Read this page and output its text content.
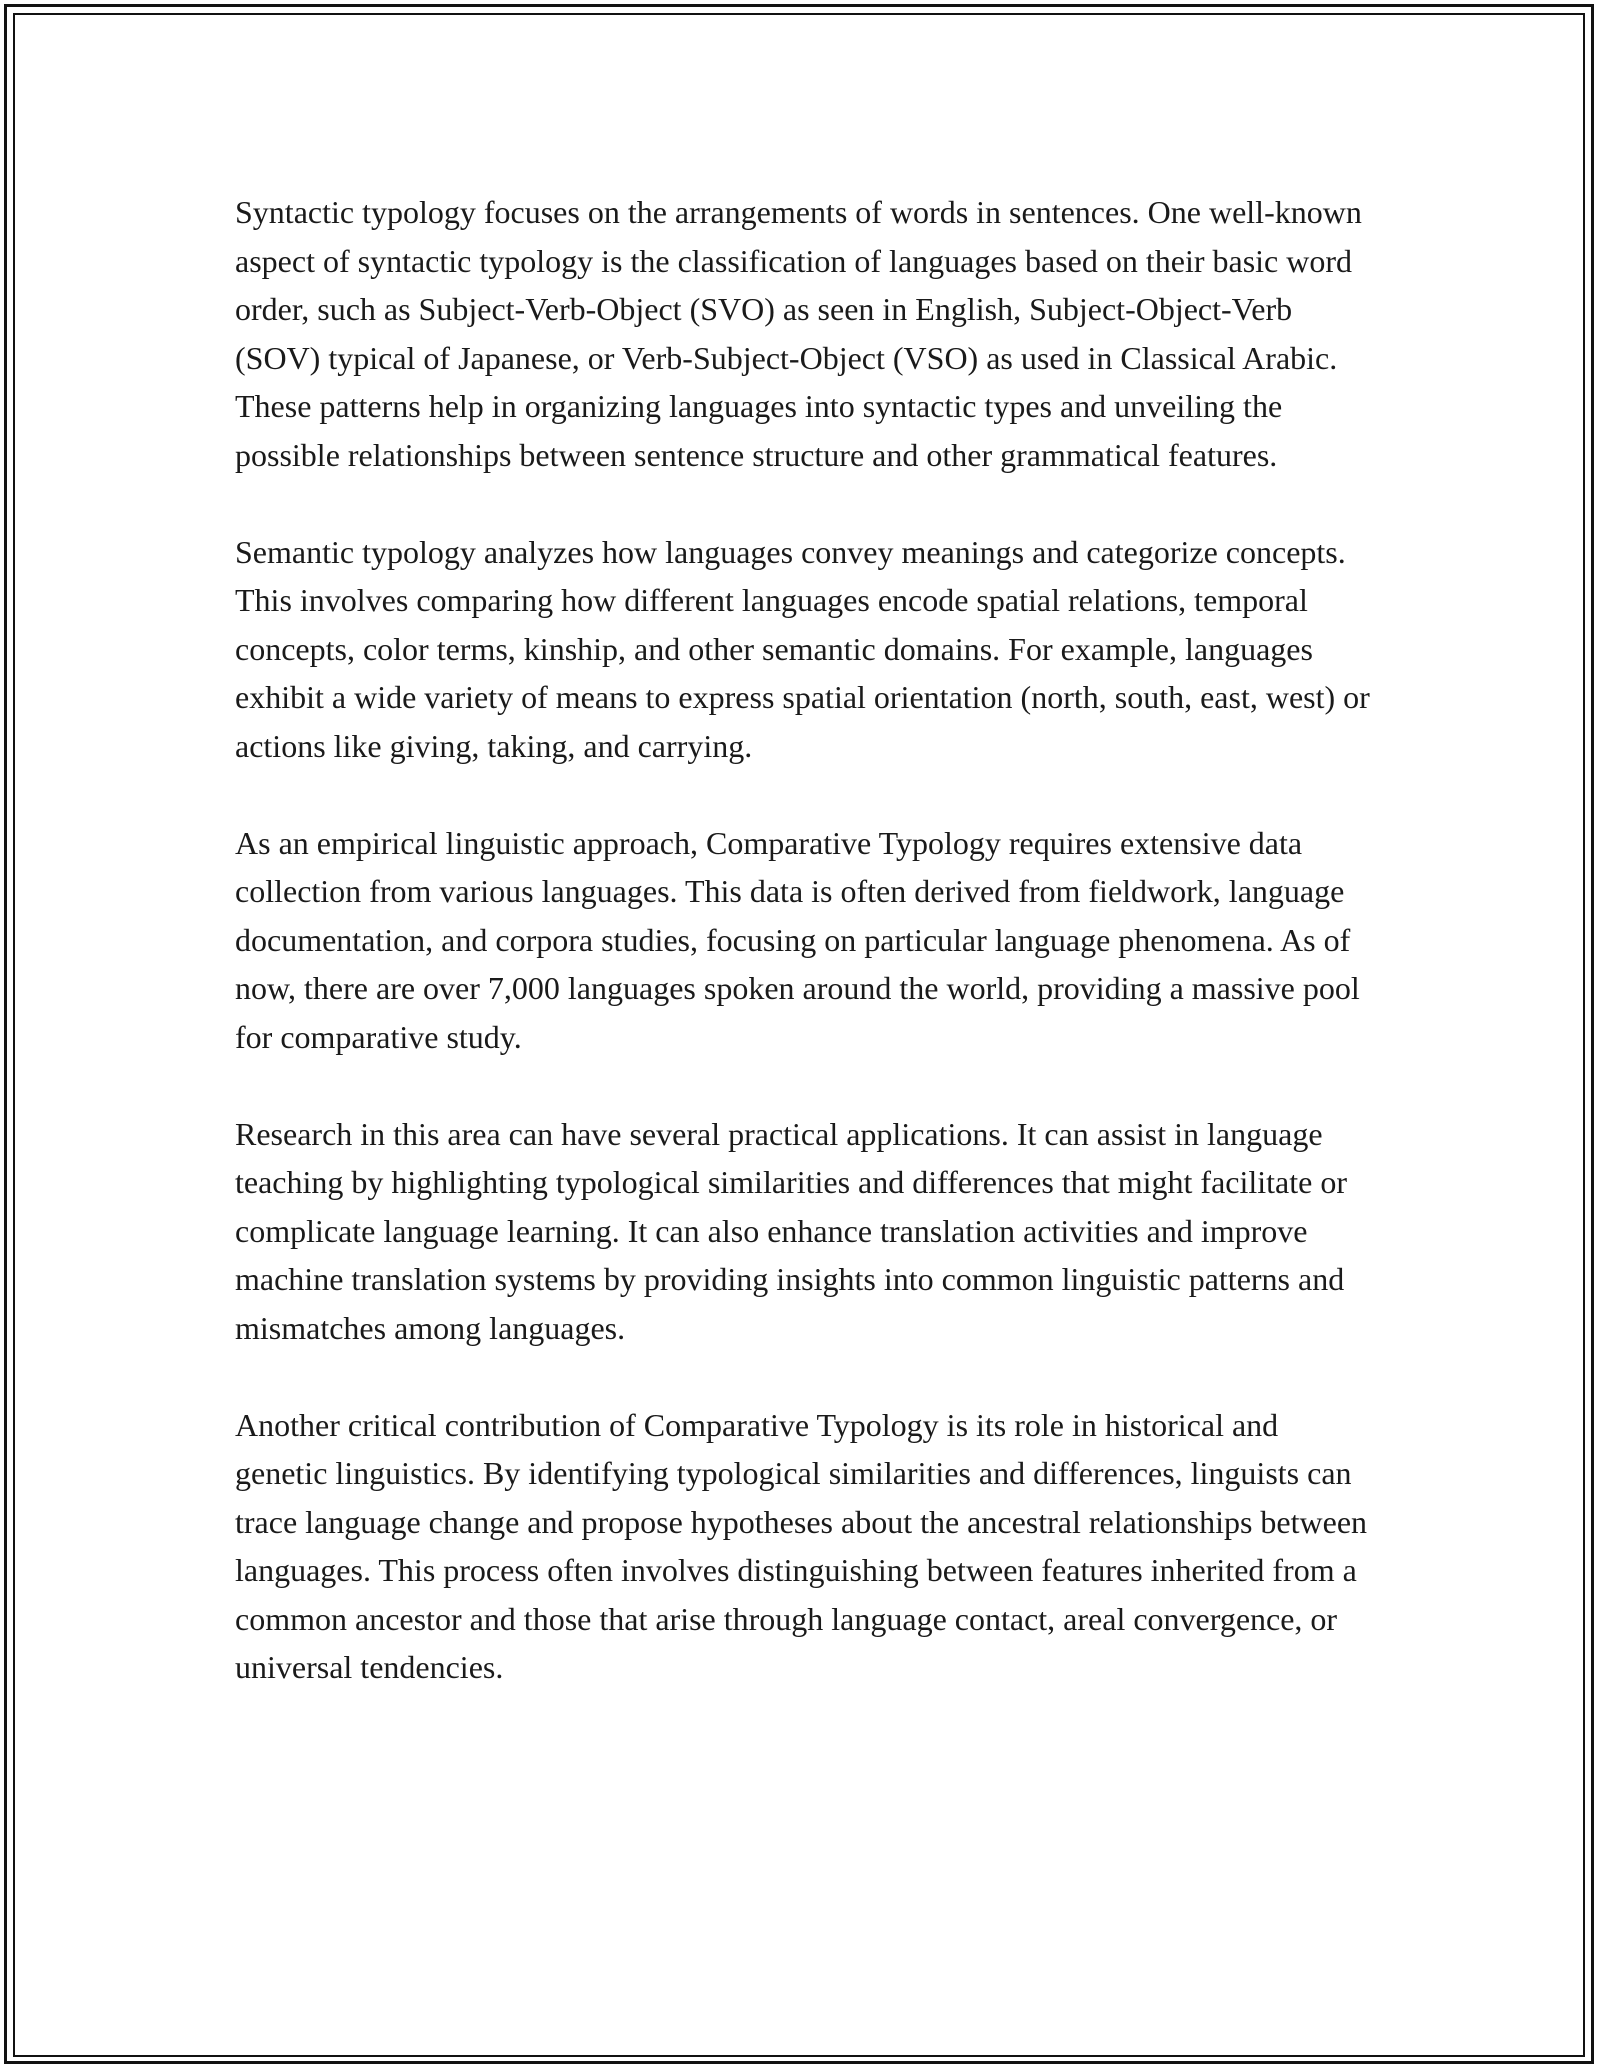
Syntactic typology focuses on the arrangements of words in sentences. One well-known aspect of syntactic typology is the classification of languages based on their basic word order, such as Subject-Verb-Object (SVO) as seen in English, Subject-Object-Verb (SOV) typical of Japanese, or Verb-Subject-Object (VSO) as used in Classical Arabic. These patterns help in organizing languages into syntactic types and unveiling the possible relationships between sentence structure and other grammatical features.

Semantic typology analyzes how languages convey meanings and categorize concepts. This involves comparing how different languages encode spatial relations, temporal concepts, color terms, kinship, and other semantic domains. For example, languages exhibit a wide variety of means to express spatial orientation (north, south, east, west) or actions like giving, taking, and carrying.

As an empirical linguistic approach, Comparative Typology requires extensive data collection from various languages. This data is often derived from fieldwork, language documentation, and corpora studies, focusing on particular language phenomena. As of now, there are over 7,000 languages spoken around the world, providing a massive pool for comparative study.

Research in this area can have several practical applications. It can assist in language teaching by highlighting typological similarities and differences that might facilitate or complicate language learning. It can also enhance translation activities and improve machine translation systems by providing insights into common linguistic patterns and mismatches among languages.

Another critical contribution of Comparative Typology is its role in historical and genetic linguistics. By identifying typological similarities and differences, linguists can trace language change and propose hypotheses about the ancestral relationships between languages. This process often involves distinguishing between features inherited from a common ancestor and those that arise through language contact, areal convergence, or universal tendencies.
